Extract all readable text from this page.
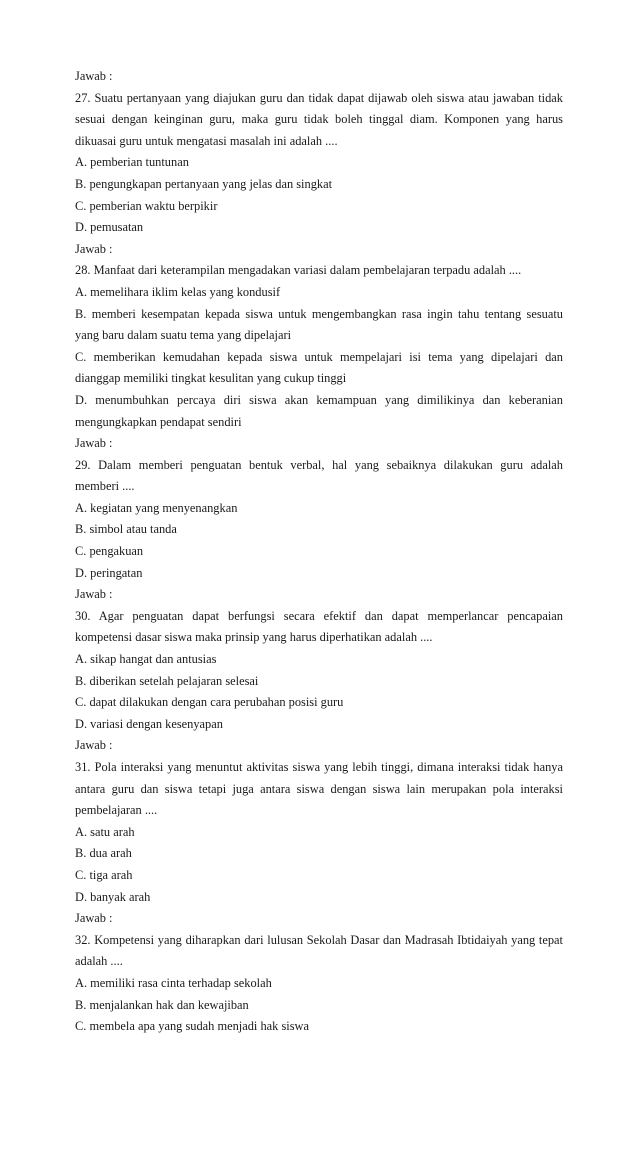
Jawab :
27. Suatu pertanyaan yang diajukan guru dan tidak dapat dijawab oleh siswa atau jawaban tidak
sesuai dengan keinginan guru, maka guru tidak boleh tinggal diam. Komponen yang harus
dikuasai guru untuk mengatasi masalah ini adalah ....
A. pemberian tuntunan
B. pengungkapan pertanyaan yang jelas dan singkat
C. pemberian waktu berpikir
D. pemusatan
Jawab :
28. Manfaat dari keterampilan mengadakan variasi dalam pembelajaran terpadu adalah ....
A. memelihara iklim kelas yang kondusif
B. memberi kesempatan kepada siswa untuk mengembangkan rasa ingin tahu tentang sesuatu
yang baru dalam suatu tema yang dipelajari
C. memberikan kemudahan kepada siswa untuk mempelajari isi tema yang dipelajari dan
dianggap memiliki tingkat kesulitan yang cukup tinggi
D. menumbuhkan percaya diri siswa akan kemampuan yang dimilikinya dan keberanian
mengungkapkan pendapat sendiri
Jawab :
29. Dalam memberi penguatan bentuk verbal, hal yang sebaiknya dilakukan guru adalah
memberi ....
A. kegiatan yang menyenangkan
B. simbol atau tanda
C. pengakuan
D. peringatan
Jawab :
30. Agar penguatan dapat berfungsi secara efektif dan dapat memperlancar pencapaian
kompetensi dasar siswa maka prinsip yang harus diperhatikan adalah ....
A. sikap hangat dan antusias
B. diberikan setelah pelajaran selesai
C. dapat dilakukan dengan cara perubahan posisi guru
D. variasi dengan kesenyapan
Jawab :
31. Pola interaksi yang menuntut aktivitas siswa yang lebih tinggi, dimana interaksi tidak hanya
antara guru dan siswa tetapi juga antara siswa dengan siswa lain merupakan pola interaksi
pembelajaran ....
A. satu arah
B. dua arah
C. tiga arah
D. banyak arah
Jawab :
32. Kompetensi yang diharapkan dari lulusan Sekolah Dasar dan Madrasah Ibtidaiyah yang tepat
adalah ....
A. memiliki rasa cinta terhadap sekolah
B. menjalankan hak dan kewajiban
C. membela apa yang sudah menjadi hak siswa
